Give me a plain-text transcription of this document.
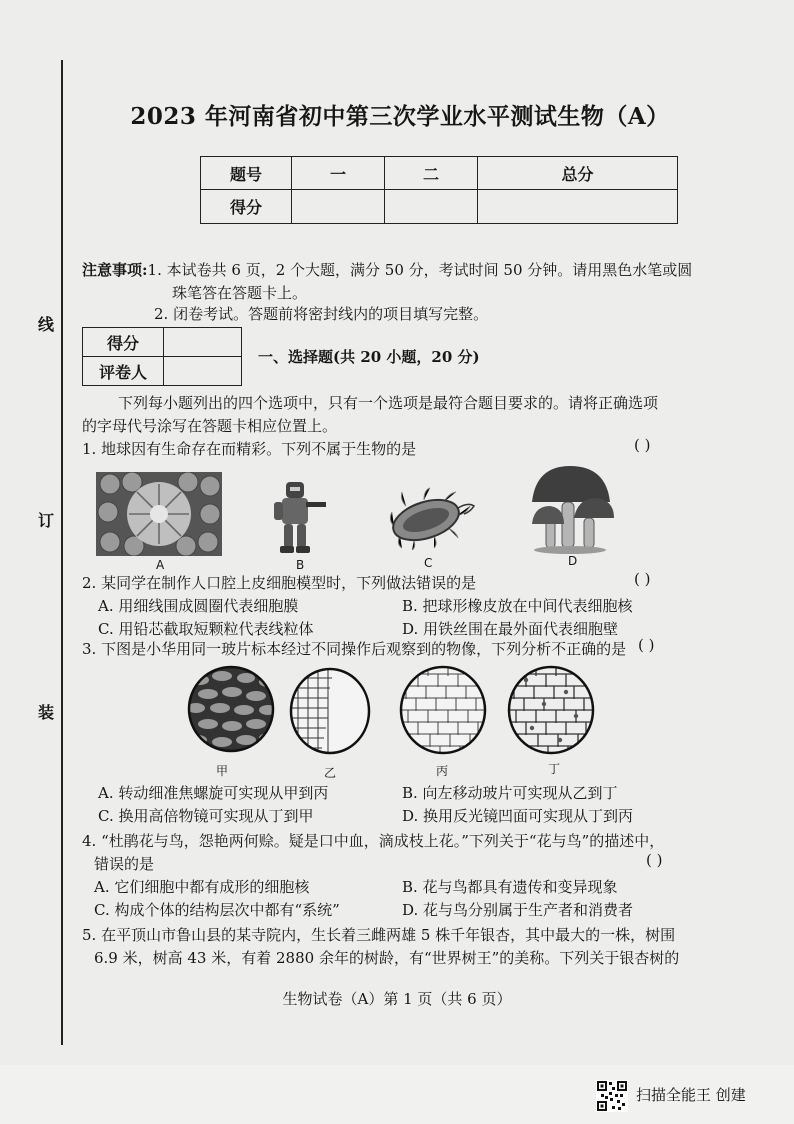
线
订
装
2023 年河南省初中第三次学业水平测试生物（A）
题号	一	二	总分
得分			
注意事项:1. 本试卷共 6 页，2 个大题，满分 50 分，考试时间 50 分钟。请用黑色水笔或圆
珠笔答在答题卡上。
2. 闭卷考试。答题前将密封线内的项目填写完整。
得分	
评卷人	
一、选择题(共 20 小题，20 分)
下列每小题列出的四个选项中，只有一个选项是最符合题目要求的。请将正确选项
的字母代号涂写在答题卡相应位置上。
1. 地球因有生命存在而精彩。下列不属于生物的是	( )
A	B	C	D
2. 某同学在制作人口腔上皮细胞模型时，下列做法错误的是	( )
A. 用细线围成圆圈代表细胞膜	B. 把球形橡皮放在中间代表细胞核
C. 用铅芯截取短颗粒代表线粒体	D. 用铁丝围在最外面代表细胞壁
3. 下图是小华用同一玻片标本经过不同操作后观察到的物像，下列分析不正确的是 ( )
甲	乙	丙	丁
A. 转动细准焦螺旋可实现从甲到丙	B. 向左移动玻片可实现从乙到丁
C. 换用高倍物镜可实现从丁到甲	D. 换用反光镜凹面可实现从丁到丙
4. “杜鹃花与鸟，怨艳两何赊。疑是口中血，滴成枝上花。”下列关于“花与鸟”的描述中，
错误的是	( )
A. 它们细胞中都有成形的细胞核	B. 花与鸟都具有遗传和变异现象
C. 构成个体的结构层次中都有“系统”	D. 花与鸟分别属于生产者和消费者
5. 在平顶山市鲁山县的某寺院内，生长着三雌两雄 5 株千年银杏，其中最大的一株，树围
6.9 米，树高 43 米，有着 2880 余年的树龄，有“世界树王”的美称。下列关于银杏树的
生物试卷（A）第 1 页（共 6 页）
扫描全能王 创建
